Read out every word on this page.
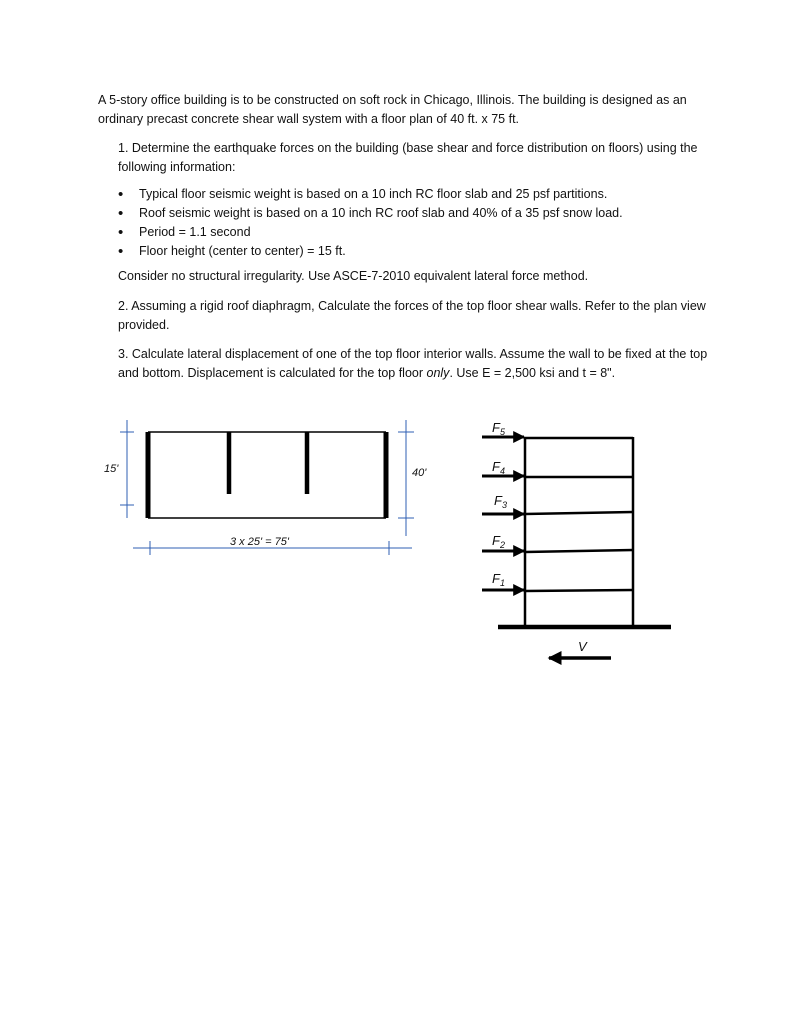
A 5-story office building is to be constructed on soft rock in Chicago, Illinois. The building is designed as an ordinary precast concrete shear wall system with a floor plan of 40 ft. x 75 ft.

1. Determine the earthquake forces on the building (base shear and force distribution on floors) using the following information:

• Typical floor seismic weight is based on a 10 inch RC floor slab and 25 psf partitions.
• Roof seismic weight is based on a 10 inch RC roof slab and 40% of a 35 psf snow load.
• Period = 1.1 second
• Floor height (center to center) = 15 ft.

Consider no structural irregularity. Use ASCE-7-2010 equivalent lateral force method.

2. Assuming a rigid roof diaphragm, Calculate the forces of the top floor shear walls. Refer to the plan view provided.

3. Calculate lateral displacement of one of the top floor interior walls. Assume the wall to be fixed at the top and bottom. Displacement is calculated for the top floor only. Use E = 2,500 ksi and t = 8".

15'	40'
3 x 25' = 75'
$F_5$
$F_4$
$F_3$
$F_2$
$F_1$
V
